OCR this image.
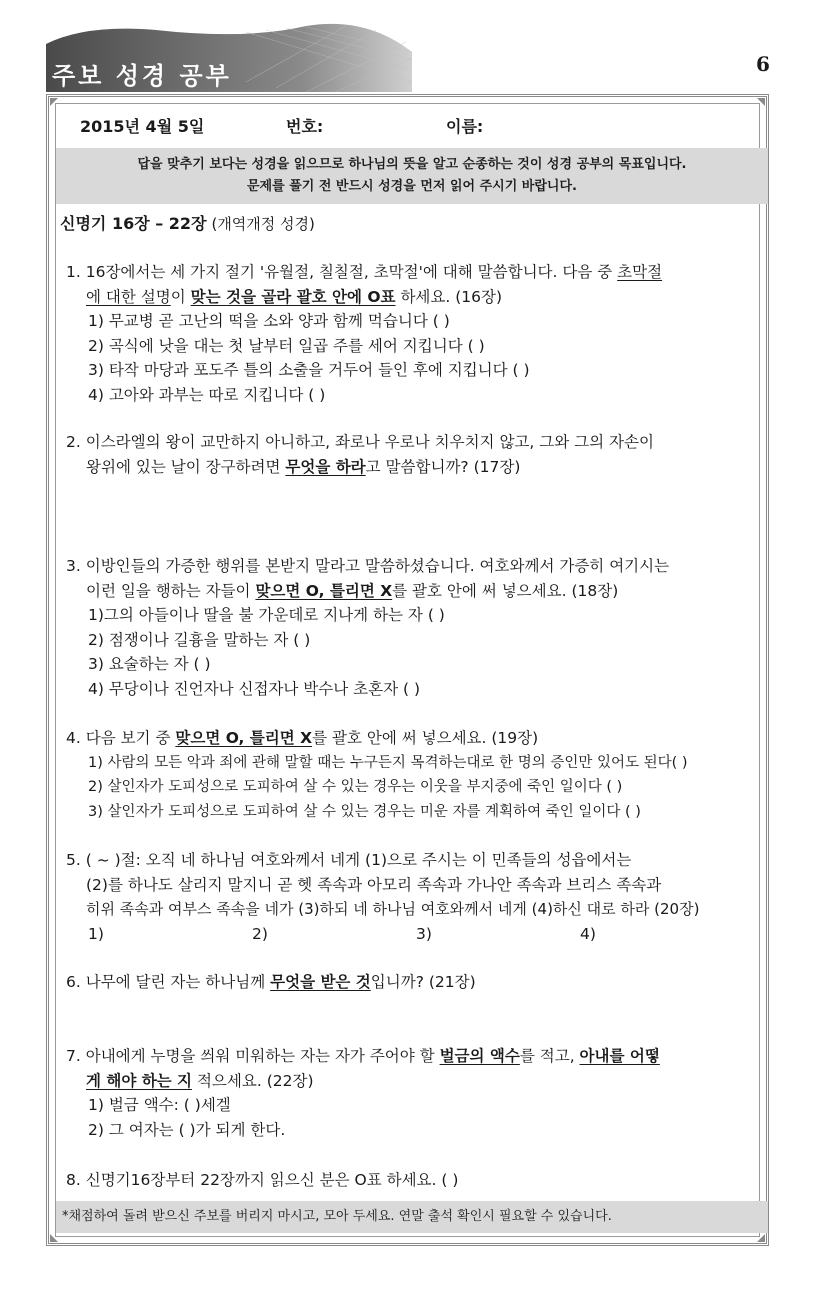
주보 성경 공부	6
2015년 4월 5일	번호:	이름:
답을 맞추기 보다는 성경을 읽으므로 하나님의 뜻을 알고 순종하는 것이 성경 공부의 목표입니다.
문제를 풀기 전 반드시 성경을 먼저 읽어 주시기 바랍니다.
신명기 16장 – 22장 (개역개정 성경)
1. 16장에서는 세 가지 절기 '유월절, 칠칠절, 초막절'에 대해 말씀합니다. 다음 중 초막절
에 대한 설명이 맞는 것을 골라 괄호 안에 O표 하세요. (16장)
1) 무교병 곧 고난의 떡을 소와 양과 함께 먹습니다 ( )
2) 곡식에 낫을 대는 첫 날부터 일곱 주를 세어 지킵니다 ( )
3) 타작 마당과 포도주 틀의 소출을 거두어 들인 후에 지킵니다 ( )
4) 고아와 과부는 따로 지킵니다 ( )
2. 이스라엘의 왕이 교만하지 아니하고, 좌로나 우로나 치우치지 않고, 그와 그의 자손이
왕위에 있는 날이 장구하려면 무엇을 하라고 말씀합니까? (17장)
3. 이방인들의 가증한 행위를 본받지 말라고 말씀하셨습니다. 여호와께서 가증히 여기시는
이런 일을 행하는 자들이 맞으면 O, 틀리면 X를 괄호 안에 써 넣으세요. (18장)
1)그의 아들이나 딸을 불 가운데로 지나게 하는 자 ( )
2) 점쟁이나 길흉을 말하는 자 ( )
3) 요술하는 자 ( )
4) 무당이나 진언자나 신접자나 박수나 초혼자 ( )
4. 다음 보기 중 맞으면 O, 틀리면 X를 괄호 안에 써 넣으세요. (19장)
1) 사람의 모든 악과 죄에 관해 말할 때는 누구든지 목격하는대로 한 명의 증인만 있어도 된다( )
2) 살인자가 도피성으로 도피하여 살 수 있는 경우는 이웃을 부지중에 죽인 일이다 ( )
3) 살인자가 도피성으로 도피하여 살 수 있는 경우는 미운 자를 계획하여 죽인 일이다 ( )
5. ( ~ )절: 오직 네 하나님 여호와께서 네게 (1)으로 주시는 이 민족들의 성읍에서는
(2)를 하나도 살리지 말지니 곧 헷 족속과 아모리 족속과 가나안 족속과 브리스 족속과
히위 족속과 여부스 족속을 네가 (3)하되 네 하나님 여호와께서 네게 (4)하신 대로 하라 (20장)
1)	2)	3)	4)
6. 나무에 달린 자는 하나님께 무엇을 받은 것입니까? (21장)
7. 아내에게 누명을 씌워 미워하는 자는 자가 주어야 할 벌금의 액수를 적고, 아내를 어떻
게 해야 하는 지 적으세요. (22장)
1) 벌금 액수: ( )세겔
2) 그 여자는 ( )가 되게 한다.
8. 신명기16장부터 22장까지 읽으신 분은 O표 하세요. ( )
*채점하여 돌려 받으신 주보를 버리지 마시고, 모아 두세요. 연말 출석 확인시 필요할 수 있습니다.
